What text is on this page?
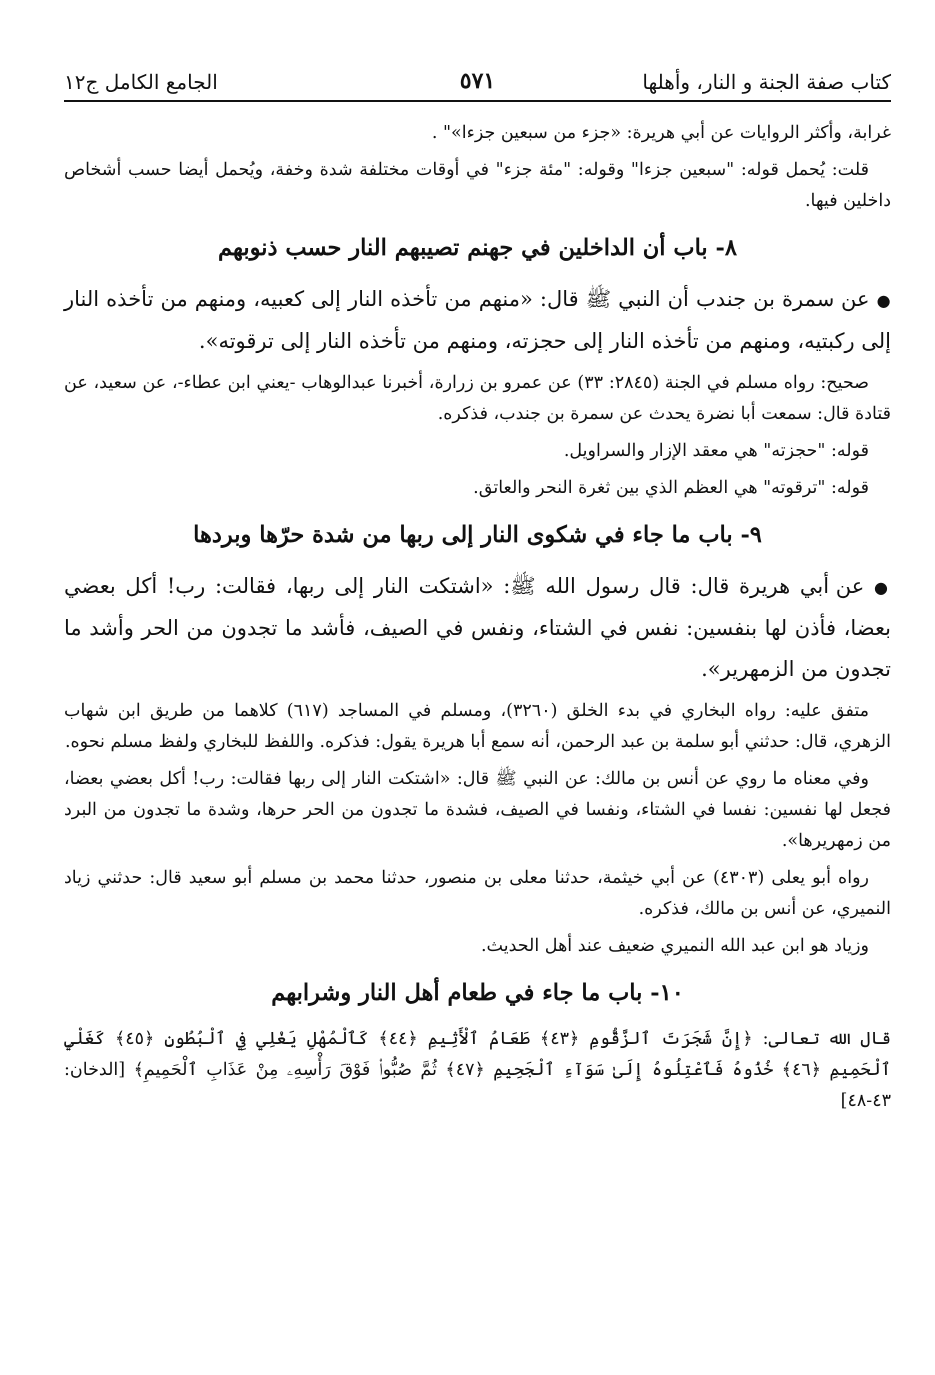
كتاب صفة الجنة و النار، وأهلها
٥٧١
الجامع الكامل ج١٢

غرابة، وأكثر الروايات عن أبي هريرة: «جزء من سبعين جزءا»" .

قلت: يُحمل قوله: "سبعين جزءا" وقوله: "مئة جزء" في أوقات مختلفة شدة وخفة، ويُحمل أيضا حسب أشخاص داخلين فيها.

٨- باب أن الداخلين في جهنم تصيبهم النار حسب ذنوبهم

● عن سمرة بن جندب أن النبي ﷺ قال: «منهم من تأخذه النار إلى كعبيه، ومنهم من تأخذه النار إلى ركبتيه، ومنهم من تأخذه النار إلى حجزته، ومنهم من تأخذه النار إلى ترقوته».

صحيح: رواه مسلم في الجنة (٢٨٤٥: ٣٣) عن عمرو بن زرارة، أخبرنا عبدالوهاب -يعني ابن عطاء-، عن سعيد، عن قتادة قال: سمعت أبا نضرة يحدث عن سمرة بن جندب، فذكره.

قوله: "حجزته" هي معقد الإزار والسراويل.

قوله: "ترقوته" هي العظم الذي بين ثغرة النحر والعاتق.

٩- باب ما جاء في شكوى النار إلى ربها من شدة حرّها وبردها

● عن أبي هريرة قال: قال رسول الله ﷺ: «اشتكت النار إلى ربها، فقالت: رب! أكل بعضي بعضا، فأذن لها بنفسين: نفس في الشتاء، ونفس في الصيف، فأشد ما تجدون من الحر وأشد ما تجدون من الزمهرير».

متفق عليه: رواه البخاري في بدء الخلق (٣٢٦٠)، ومسلم في المساجد (٦١٧) كلاهما من طريق ابن شهاب الزهري، قال: حدثني أبو سلمة بن عبد الرحمن، أنه سمع أبا هريرة يقول: فذكره. واللفظ للبخاري ولفظ مسلم نحوه.

وفي معناه ما روي عن أنس بن مالك: عن النبي ﷺ قال: «اشتكت النار إلى ربها فقالت: رب! أكل بعضي بعضا، فجعل لها نفسين: نفسا في الشتاء، ونفسا في الصيف، فشدة ما تجدون من الحر حرها، وشدة ما تجدون من البرد من زمهريرها».

رواه أبو يعلى (٤٣٠٣) عن أبي خيثمة، حدثنا معلى بن منصور، حدثنا محمد بن مسلم أبو سعيد قال: حدثني زياد النميري، عن أنس بن مالك، فذكره.

وزياد هو ابن عبد الله النميري ضعيف عند أهل الحديث.

١٠- باب ما جاء في طعام أهل النار وشرابهم

قال الله تعالى: ﴿إِنَّ شَجَرَتَ ٱلزَّقُّومِ ﴿٤٣﴾ طَعَامُ ٱلْأَثِيمِ ﴿٤٤﴾ كَٱلْمُهْلِ يَغْلِي فِي ٱلْبُطُونِ ﴿٤٥﴾ كَغَلْيِ ٱلْحَمِيمِ ﴿٤٦﴾ خُذُوهُ فَٱعْتِلُوهُ إِلَىٰ سَوَآءِ ٱلْجَحِيمِ ﴿٤٧﴾ ثُمَّ صُبُّوا۟ فَوْقَ رَأْسِهِۦ مِنْ عَذَابِ ٱلْحَمِيمِ﴾ [الدخان: ٤٣-٤٨]
